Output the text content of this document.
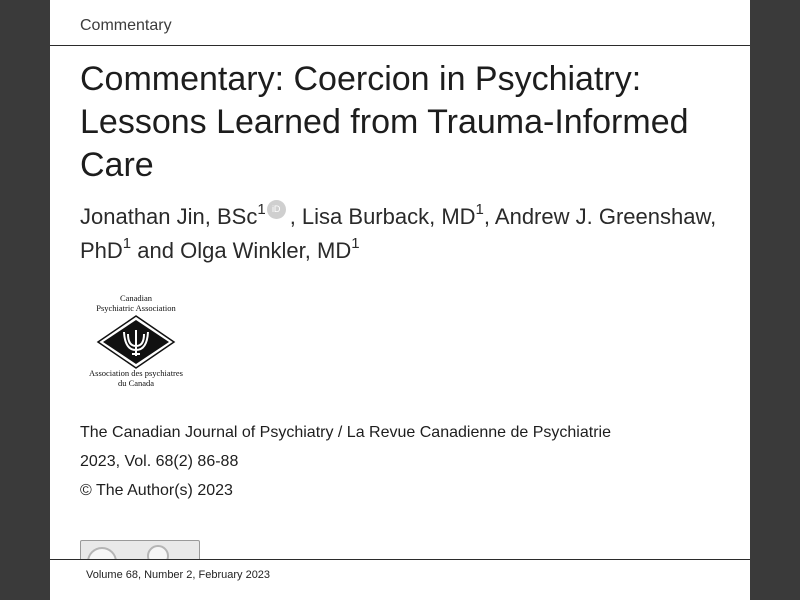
Commentary
Commentary: Coercion in Psychiatry: Lessons Learned from Trauma-Informed Care
Jonathan Jin, BSc$^1$ iD , Lisa Burback, $MD^1$, Andrew J. Greenshaw, PhD$^1$ and Olga Winkler, $MD^1$
Canadian
Psychiatric Association
Association des psychiatres
du Canada
The Canadian Journal of Psychiatry / La Revue Canadienne de Psychiatrie
2023, Vol. 68(2) 86-88
© The Author(s) 2023
Volume 68, Number 2, February 2023
